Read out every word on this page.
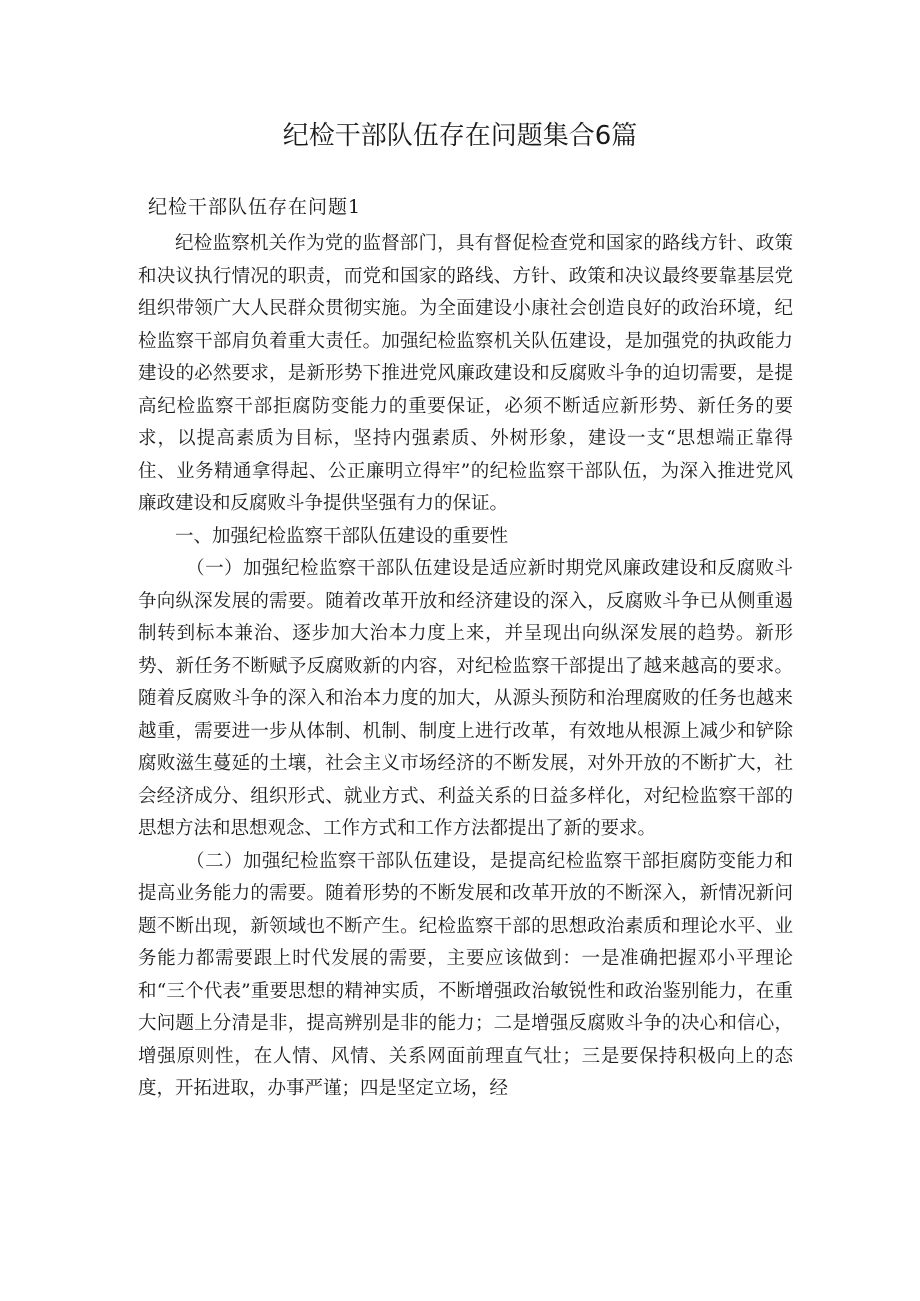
纪检干部队伍存在问题集合6篇
纪检干部队伍存在问题1

纪检监察机关作为党的监督部门，具有督促检查党和国家的路线方针、政策和决议执行情况的职责，而党和国家的路线、方针、政策和决议最终要靠基层党组织带领广大人民群众贯彻实施。为全面建设小康社会创造良好的政治环境，纪检监察干部肩负着重大责任。加强纪检监察机关队伍建设，是加强党的执政能力建设的必然要求，是新形势下推进党风廉政建设和反腐败斗争的迫切需要，是提高纪检监察干部拒腐防变能力的重要保证，必须不断适应新形势、新任务的要求，以提高素质为目标，坚持内强素质、外树形象，建设一支“思想端正靠得住、业务精通拿得起、公正廉明立得牢”的纪检监察干部队伍，为深入推进党风廉政建设和反腐败斗争提供坚强有力的保证。

一、加强纪检监察干部队伍建设的重要性

（一）加强纪检监察干部队伍建设是适应新时期党风廉政建设和反腐败斗争向纵深发展的需要。随着改革开放和经济建设的深入，反腐败斗争已从侧重遏制转到标本兼治、逐步加大治本力度上来，并呈现出向纵深发展的趋势。新形势、新任务不断赋予反腐败新的内容，对纪检监察干部提出了越来越高的要求。随着反腐败斗争的深入和治本力度的加大，从源头预防和治理腐败的任务也越来越重，需要进一步从体制、机制、制度上进行改革，有效地从根源上减少和铲除腐败滋生蔓延的土壤，社会主义市场经济的不断发展，对外开放的不断扩大，社会经济成分、组织形式、就业方式、利益关系的日益多样化，对纪检监察干部的思想方法和思想观念、工作方式和工作方法都提出了新的要求。

（二）加强纪检监察干部队伍建设，是提高纪检监察干部拒腐防变能力和提高业务能力的需要。随着形势的不断发展和改革开放的不断深入，新情况新问题不断出现，新领域也不断产生。纪检监察干部的思想政治素质和理论水平、业务能力都需要跟上时代发展的需要，主要应该做到：一是准确把握邓小平理论和“三个代表”重要思想的精神实质，不断增强政治敏锐性和政治鉴别能力，在重大问题上分清是非，提高辨别是非的能力；二是增强反腐败斗争的决心和信心，增强原则性，在人情、风情、关系网面前理直气壮；三是要保持积极向上的态度，开拓进取，办事严谨；四是坚定立场，经
